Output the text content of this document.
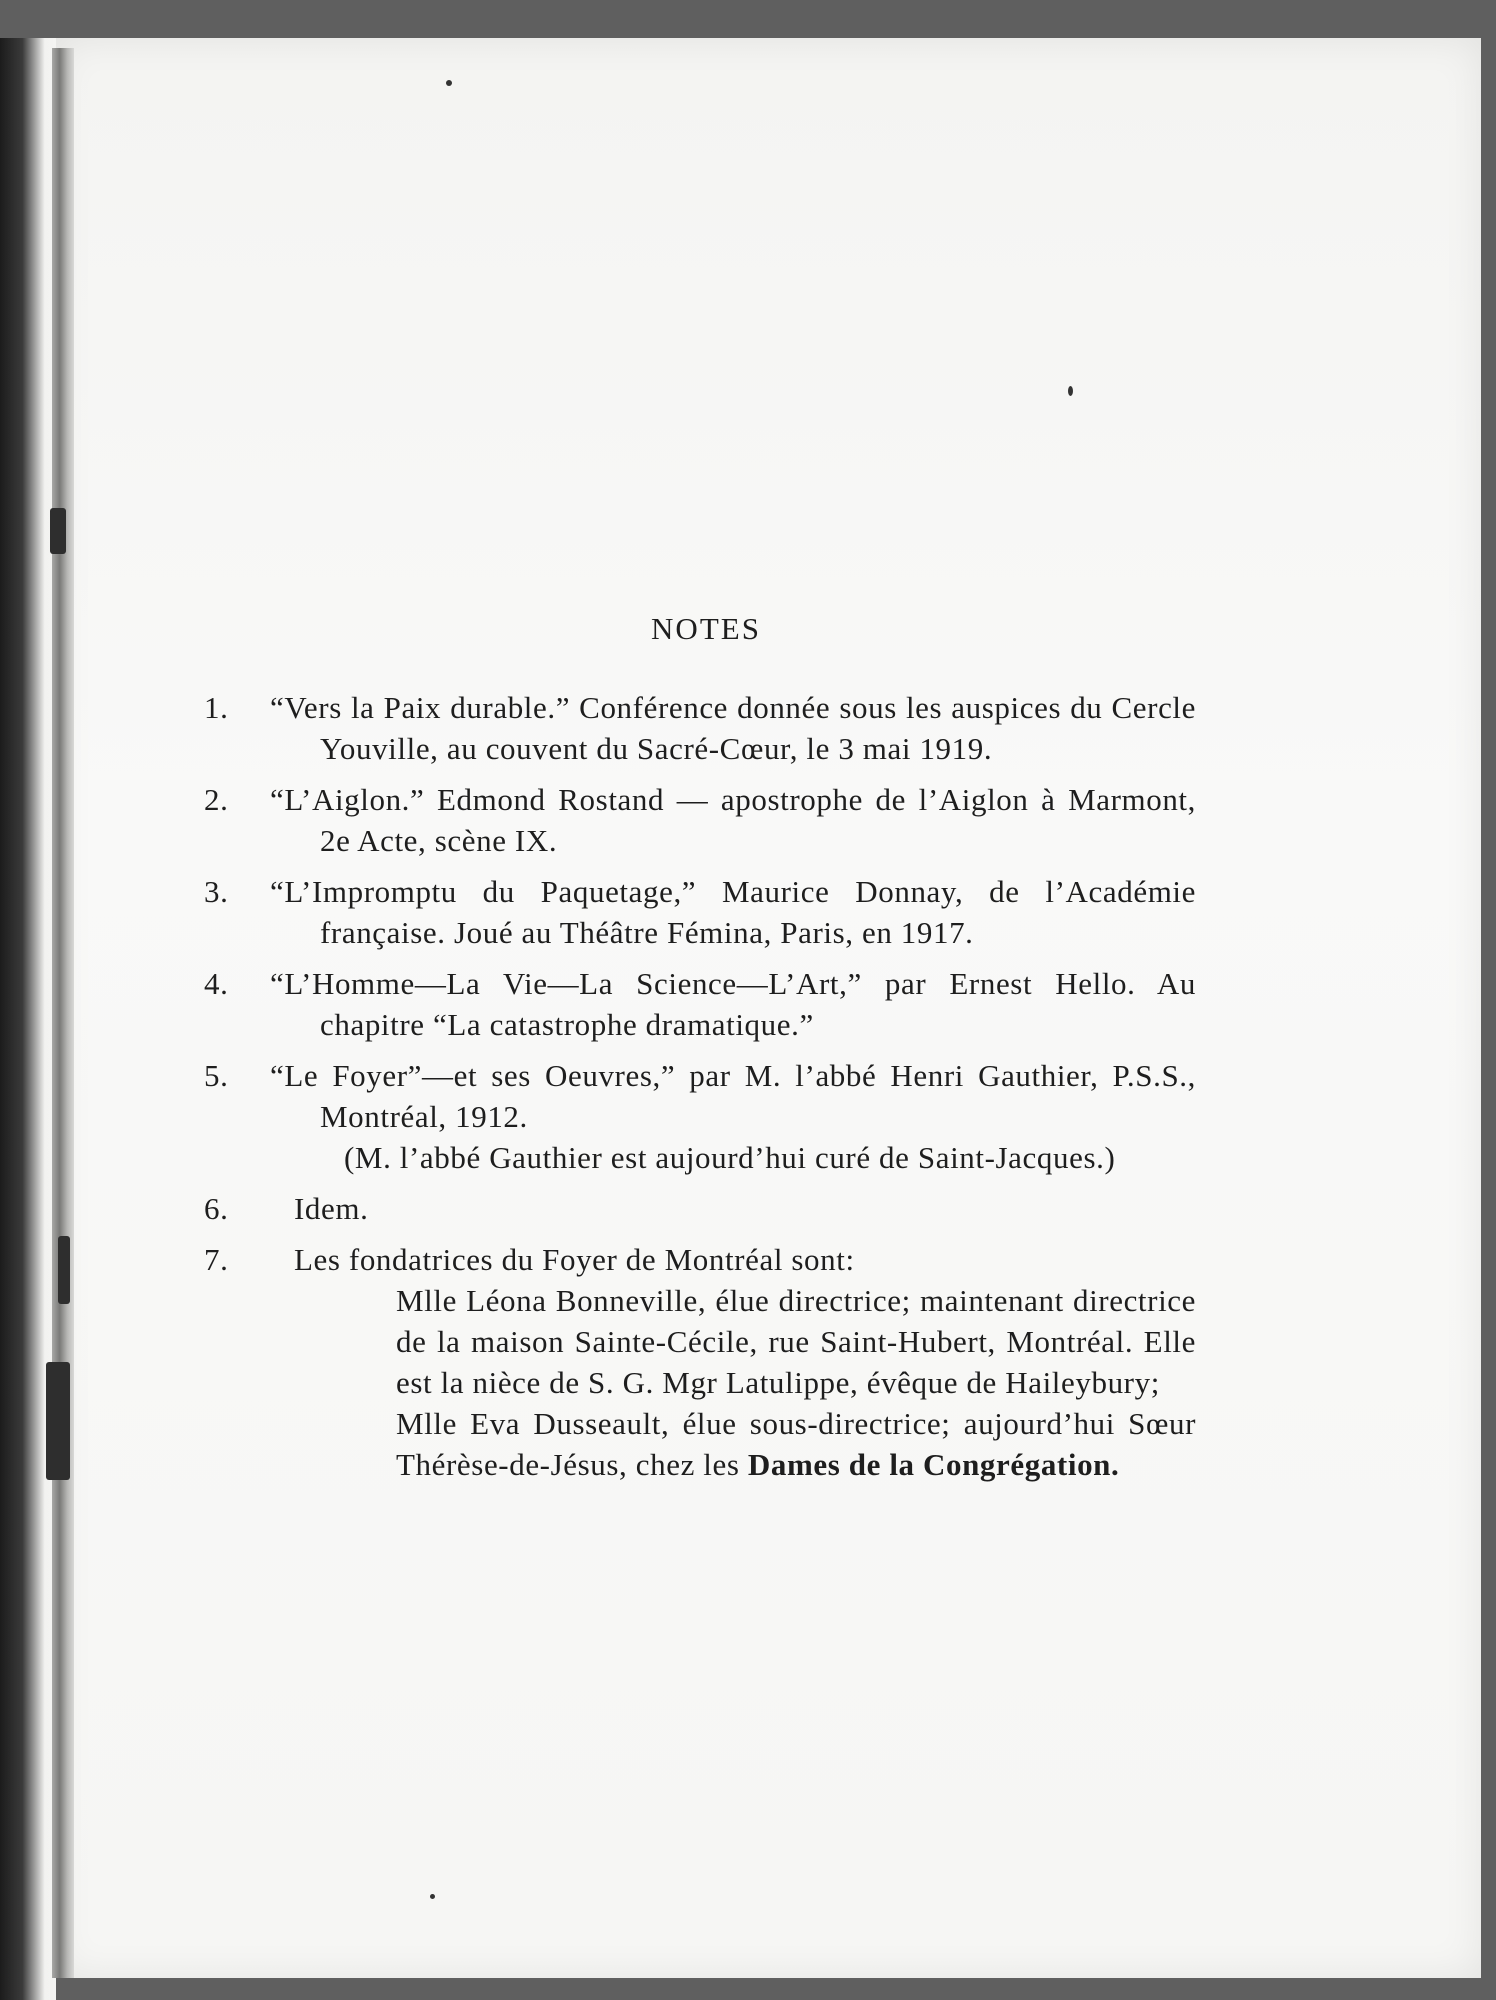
NOTES
1. “Vers la Paix durable.” Conférence donnée sous les auspices du Cercle Youville, au couvent du Sacré-Cœur, le 3 mai 1919.
2. “L’Aiglon.” Edmond Rostand — apostrophe de l’Aiglon à Marmont, 2e Acte, scène IX.
3. “L’Impromptu du Paquetage,” Maurice Donnay, de l’Académie française. Joué au Théâtre Fémina, Paris, en 1917.
4. “L’Homme—La Vie—La Science—L’Art,” par Ernest Hello. Au chapitre “La catastrophe dramatique.”
5. “Le Foyer”—et ses Oeuvres,” par M. l’abbé Henri Gauthier, P.S.S., Montréal, 1912.
(M. l’abbé Gauthier est aujourd’hui curé de Saint-Jacques.)
6. Idem.
7. Les fondatrices du Foyer de Montréal sont:
Mlle Léona Bonneville, élue directrice; maintenant directrice de la maison Sainte-Cécile, rue Saint-Hubert, Montréal. Elle est la nièce de S. G. Mgr Latulippe, évêque de Haileybury;
Mlle Eva Dusseault, élue sous-directrice; aujourd’hui Sœur Thérèse-de-Jésus, chez les Dames de la Congrégation.
